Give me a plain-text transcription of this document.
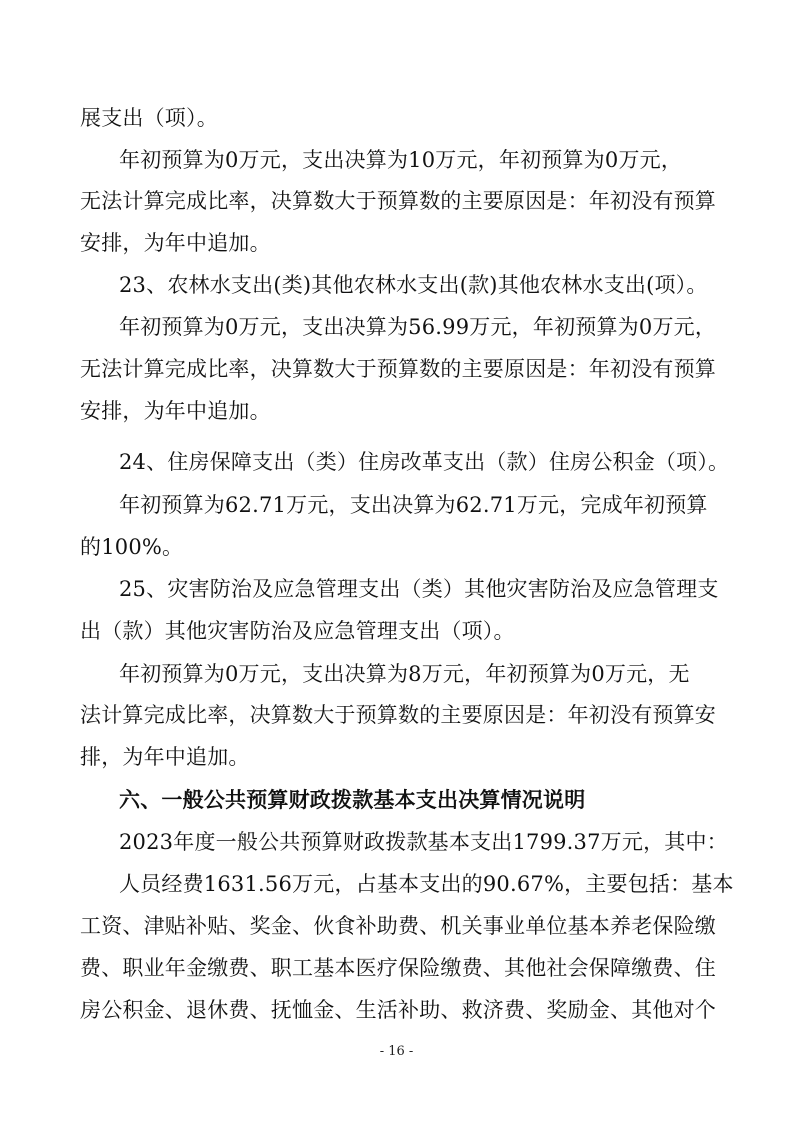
展支出（项）。
年初预算为0万元，支出决算为10万元，年初预算为0万元，
无法计算完成比率，决算数大于预算数的主要原因是：年初没有预算
安排，为年中追加。
23、农林水支出(类)其他农林水支出(款)其他农林水支出(项）。
年初预算为0万元，支出决算为56.99万元，年初预算为0万元，
无法计算完成比率，决算数大于预算数的主要原因是：年初没有预算
安排，为年中追加。
24、住房保障支出（类）住房改革支出（款）住房公积金（项）。
年初预算为62.71万元，支出决算为62.71万元，完成年初预算
的100%。
25、灾害防治及应急管理支出（类）其他灾害防治及应急管理支
出（款）其他灾害防治及应急管理支出（项）。
年初预算为0万元，支出决算为8万元，年初预算为0万元，无
法计算完成比率，决算数大于预算数的主要原因是：年初没有预算安
排，为年中追加。
六、一般公共预算财政拨款基本支出决算情况说明
2023年度一般公共预算财政拨款基本支出1799.37万元，其中：
人员经费1631.56万元，占基本支出的90.67%，主要包括：基本
工资、津贴补贴、奖金、伙食补助费、机关事业单位基本养老保险缴
费、职业年金缴费、职工基本医疗保险缴费、其他社会保障缴费、住
房公积金、退休费、抚恤金、生活补助、救济费、奖励金、其他对个
- 16 -
